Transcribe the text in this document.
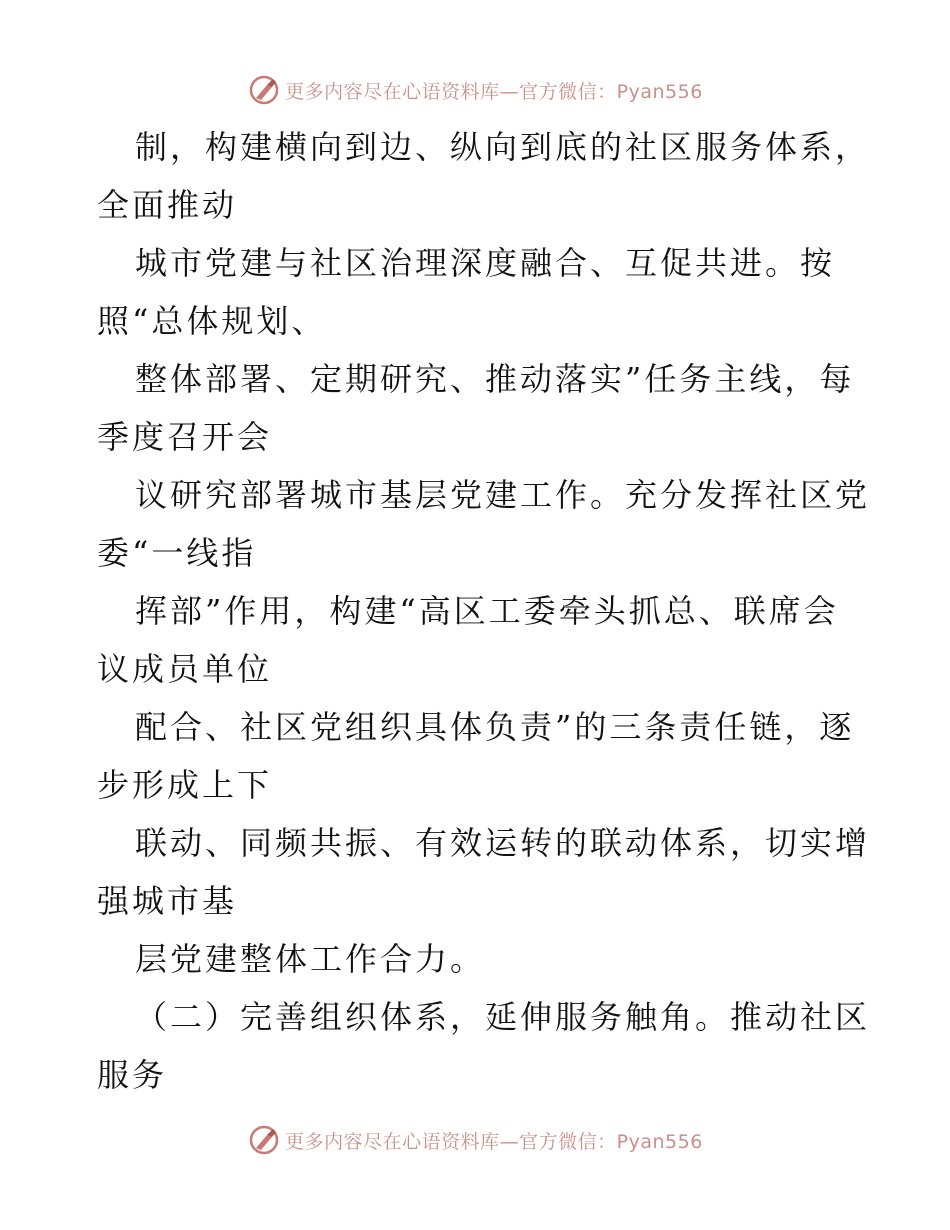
更多内容尽在心语资料库—官方微信：Pyan556
制，构建横向到边、纵向到底的社区服务体系，
全面推动
城市党建与社区治理深度融合、互促共进。按
照“总体规划、
整体部署、定期研究、推动落实”任务主线，每
季度召开会
议研究部署城市基层党建工作。充分发挥社区党
委“一线指
挥部”作用，构建“高区工委牵头抓总、联席会
议成员单位
配合、社区党组织具体负责”的三条责任链，逐
步形成上下
联动、同频共振、有效运转的联动体系，切实增
强城市基
层党建整体工作合力。
（二）完善组织体系，延伸服务触角。推动社区
服务
更多内容尽在心语资料库—官方微信：Pyan556
